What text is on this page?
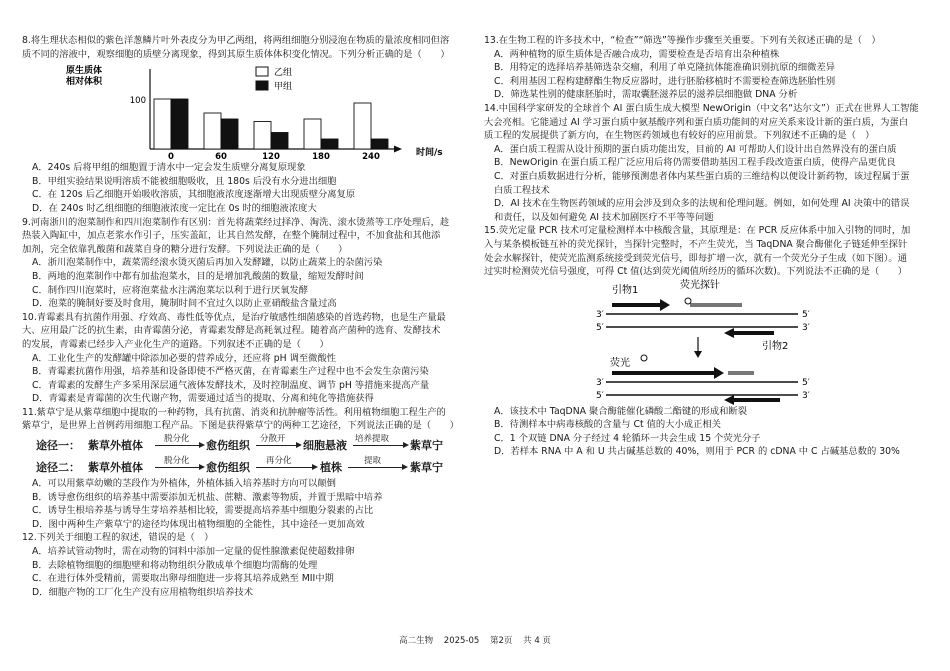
8.将生理状态相似的紫色洋葱鳞片叶外表皮分为甲乙两组，将两组细胞分别浸泡在物质的量浓度相同但溶

质不同的溶液中，观察细胞的质壁分离现象，得到其原生质体体积变化情况。下列分析正确的是（　　）

原生质体
相对体积
100
时间/s
0	60	120	180	240
乙组
甲组

A．240s 后将甲组的细胞置于清水中一定会发生质壁分离复原现象

B．甲组实验结果说明溶质不能被细胞吸收，且 180s 后没有水分进出细胞

C．在 120s 后乙细胞开始吸收溶质，其细胞液浓度逐渐增大出现质壁分离复原

D．在 240s 时乙组细胞的细胞液浓度一定比在 0s 时的细胞液浓度大

9.河南浙川的泡菜制作和四川泡菜制作有区别：首先将蔬菜经过择净、淘洗、滚水烫蒸等工序处理后，趁

热装入陶缸中，加点老浆水作引子，压实盖缸，让其自然发酵，在整个腌制过程中，不加食盐和其他添

加剂，完全依靠乳酸菌和蔬菜自身的糖分进行发酵。下列说法正确的是（　　）

A．浙川泡菜制作中，蔬菜需经滚水烫灭菌后再加入发酵罐，以防止蔬菜上的杂菌污染

B．两地的泡菜制作中都有加盐泡菜水，目的是增加乳酸菌的数量，缩短发酵时间

C．制作四川泡菜时，应将泡菜盐水注满泡菜坛以利于进行厌氧发酵

D．泡菜的腌制好要及时食用，腌制时间不宜过久以防止亚硝酸盐含量过高

10.青霉素具有抗菌作用强、疗效高、毒性低等优点，是治疗敏感性细菌感染的首选药物，也是生产量最

大、应用最广泛的抗生素，由青霉菌分泌，青霉素发酵是高耗氧过程。随着高产菌种的选育、发酵技术

的发展，青霉素已经步入产业化生产的道路。下列叙述不正确的是（　　）

A．工业化生产的发酵罐中除添加必要的营养成分，还应将 pH 调至微酸性

B．青霉素抗菌作用强，培养基和设备即使不严格灭菌，在青霉素生产过程中也不会发生杂菌污染

C．青霉素的发酵生产多采用深层通气液体发酵技术，及时控制温度、调节 pH 等措施来提高产量

D．青霉素是青霉菌的次生代谢产物，需要通过适当的提取、分离和纯化等措施获得

11.紫草宁是从紫草细胞中提取的一种药物，具有抗菌、消炎和抗肿瘤等活性。利用植物细胞工程生产的

紫草宁，是世界上首例药用细胞工程产品。下图是获得紫草宁的两种工艺途径，下列说法正确的是（　　）

途径一： 紫草外植体 脱分化 愈伤组织 分散开 细胞悬液 培养提取 紫草宁
途径二： 紫草外植体 脱分化 愈伤组织 再分化	植株	提取	紫草宁

A．可以用紫草幼嫩的茎段作为外植体，外植体插入培养基时方向可以颠倒

B．诱导愈伤组织的培养基中需要添加无机盐、蔗糖、激素等物质，并置于黑暗中培养

C．诱导生根培养基与诱导生芽培养基相比较，需要提高培养基中细胞分裂素的占比

D．图中两种生产紫草宁的途径均体现出植物细胞的全能性，其中途径一更加高效

12.下列关于细胞工程的叙述，错误的是（　）

A．培养试管动物时，需在动物的饲料中添加一定量的促性腺激素促使超数排卵

B．去除植物细胞的细胞壁和将动物组织分散成单个细胞均需酶的处理

C．在进行体外受精前，需要取出卵母细胞进一步将其培养成熟至 MII中期

D．细胞产物的工厂化生产没有应用植物组织培养技术

13.在生物工程的许多技术中，“检查”“筛选”等操作步骤至关重要。下列有关叙述正确的是（　）

A．两种植物的原生质体是否融合成功，需要检查是否培育出杂种植株

B．用特定的选择培养基筛选杂交瘤，利用了单克隆抗体能准确识别抗原的细微差异

C．利用基因工程构建酵酯生物反应器时，进行胚胎移植时不需要检查筛选胚胎性别

D．筛选某性别的健康胚胎时，需取囊胚滋养层的滋养层细胞做 DNA 分析

14.中国科学家研发的全球首个 AI 蛋白质生成大模型 NewOrigin（中文名“达尔文”）正式在世界人工智能

大会亮相。它能通过 AI 学习蛋白质中氨基酸序列和蛋白质功能间的对应关系来设计新的蛋白质，为蛋白

质工程的发展提供了新方向，在生物医药领域也有较好的应用前景。下列叙述不正确的是（　）

A．蛋白质工程需从设计预期的蛋白质功能出发，目前的 AI 可帮助人们设计出自然界没有的蛋白质

B．NewOrigin 在蛋白质工程广泛应用后将仍需要借助基因工程手段改造蛋白质，使得产品更优良

C．对蛋白质数据进行分析，能够预测患者体内某些蛋白质的三维结构以便设计新药物，该过程属于蛋

白质工程技术

D．AI 技术在生物医药领域的应用会涉及到众多的法规和伦理问题。例如，如何处理 AI 决策中的错误

和责任，以及如何避免 AI 技术加剧医疗不平等等问题

15.荧光定量 PCR 技术可定量检测样本中核酸含量，其原理是：在 PCR 反应体系中加入引物的同时，加

入与某条模板链互补的荧光探针，当探针完整时，不产生荧光，当 TaqDNA 聚合酶催化子链延伸至探针

处会水解探针，使荧光监测系统接受到荧光信号，即每扩增一次，就有一个荧光分子生成（如下图）。通

过实时检测荧光信号强度，可得 Ct 值(达到荧光阈值所经历的循环次数)。下列说法不正确的是（　　）

引物1	荧光探针
3′	5′
5′	3′
引物2
荧光
3′	5′
5′	3′

A．该技术中 TaqDNA 聚合酶能催化磷酸二酯键的形成和断裂

B．待测样本中病毒核酸的含量与 Ct 值的大小成正相关

C．1 个双链 DNA 分子经过 4 轮循环一共会生成 15 个荧光分子

D．若样本 RNA 中 A 和 U 共占碱基总数的 40%，则用于 PCR 的 cDNA 中 C 占碱基总数的 30%

高二生物 2025-05 第2页 共 4 页
